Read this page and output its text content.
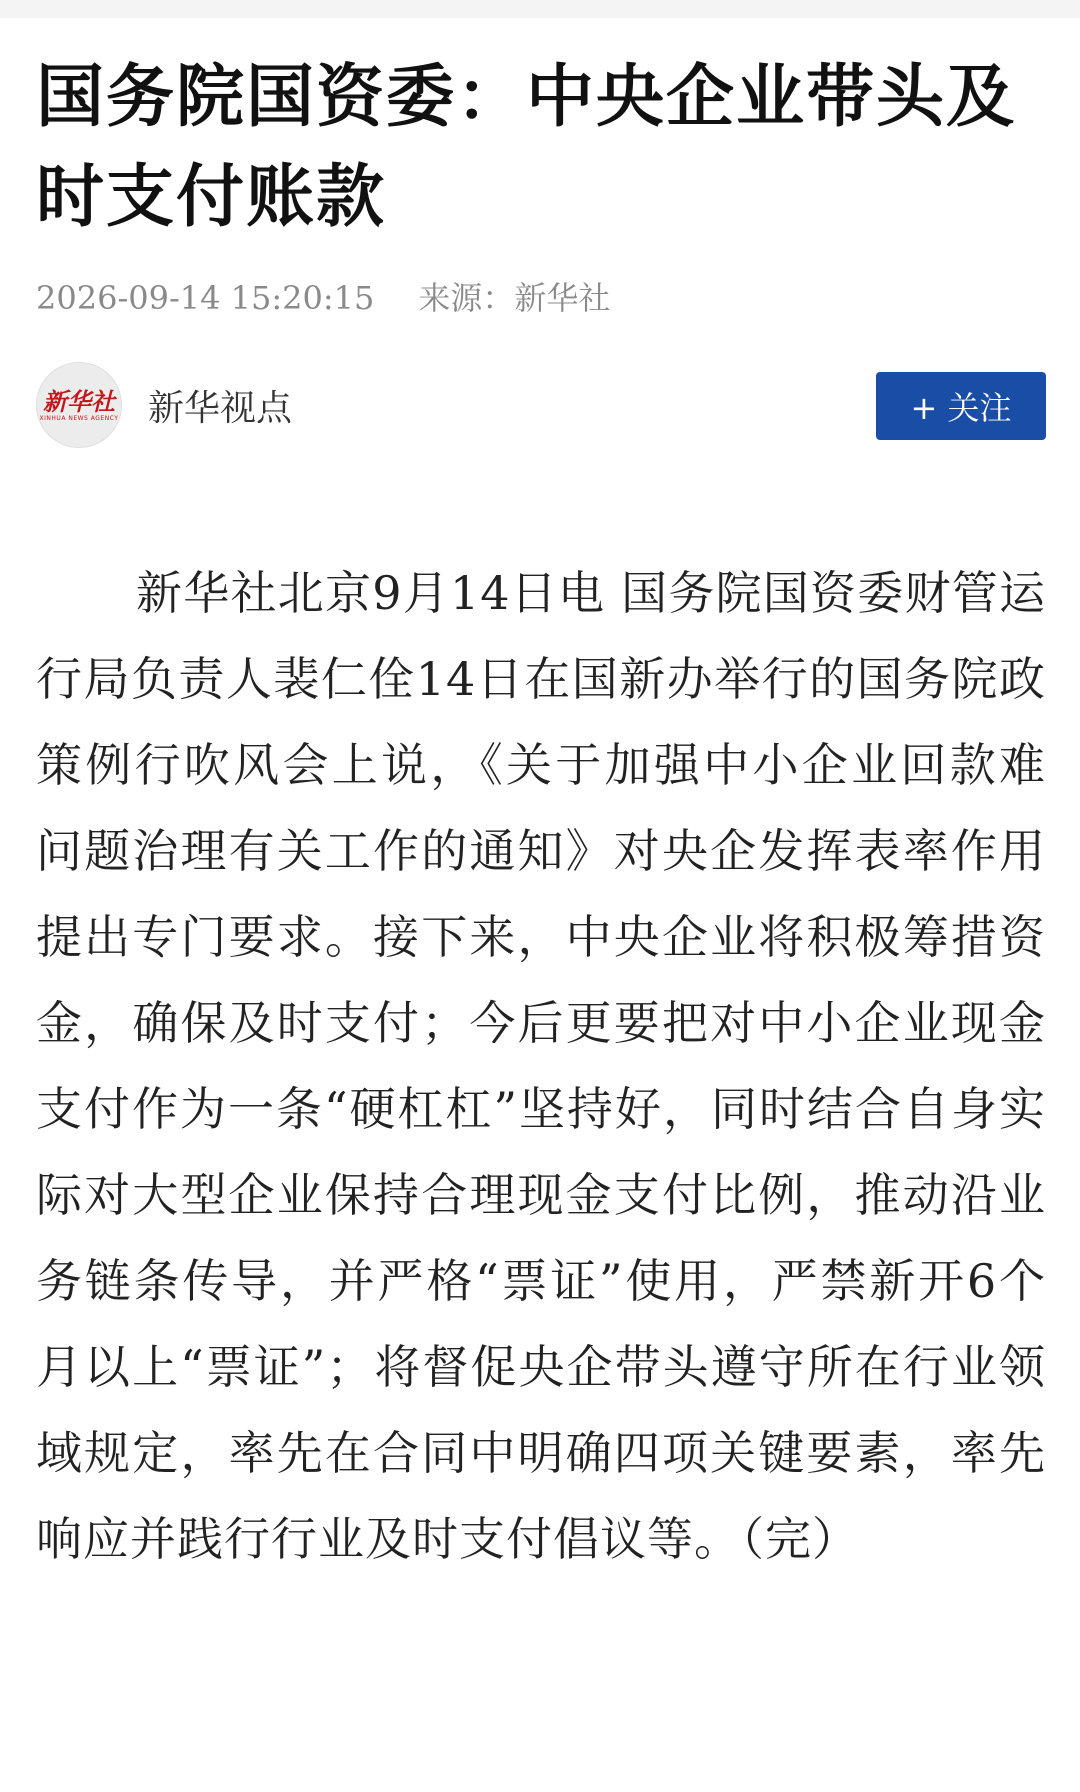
国务院国资委：中央企业带头及时支付账款
2026-09-14 15:20:15 来源：新华社
新华社
XINHUA NEWS AGENCY 新华视点	+ 关注

新华社北京9月14日电 国务院国资委财管运行局负责人裴仁佺14日在国新办举行的国务院政策例行吹风会上说，《关于加强中小企业回款难问题治理有关工作的通知》对央企发挥表率作用提出专门要求。接下来，中央企业将积极筹措资金，确保及时支付；今后更要把对中小企业现金支付作为一条“硬杠杠”坚持好，同时结合自身实际对大型企业保持合理现金支付比例，推动沿业务链条传导，并严格“票证”使用，严禁新开6个月以上“票证”；将督促央企带头遵守所在行业领域规定，率先在合同中明确四项关键要素，率先响应并践行行业及时支付倡议等。（完）
